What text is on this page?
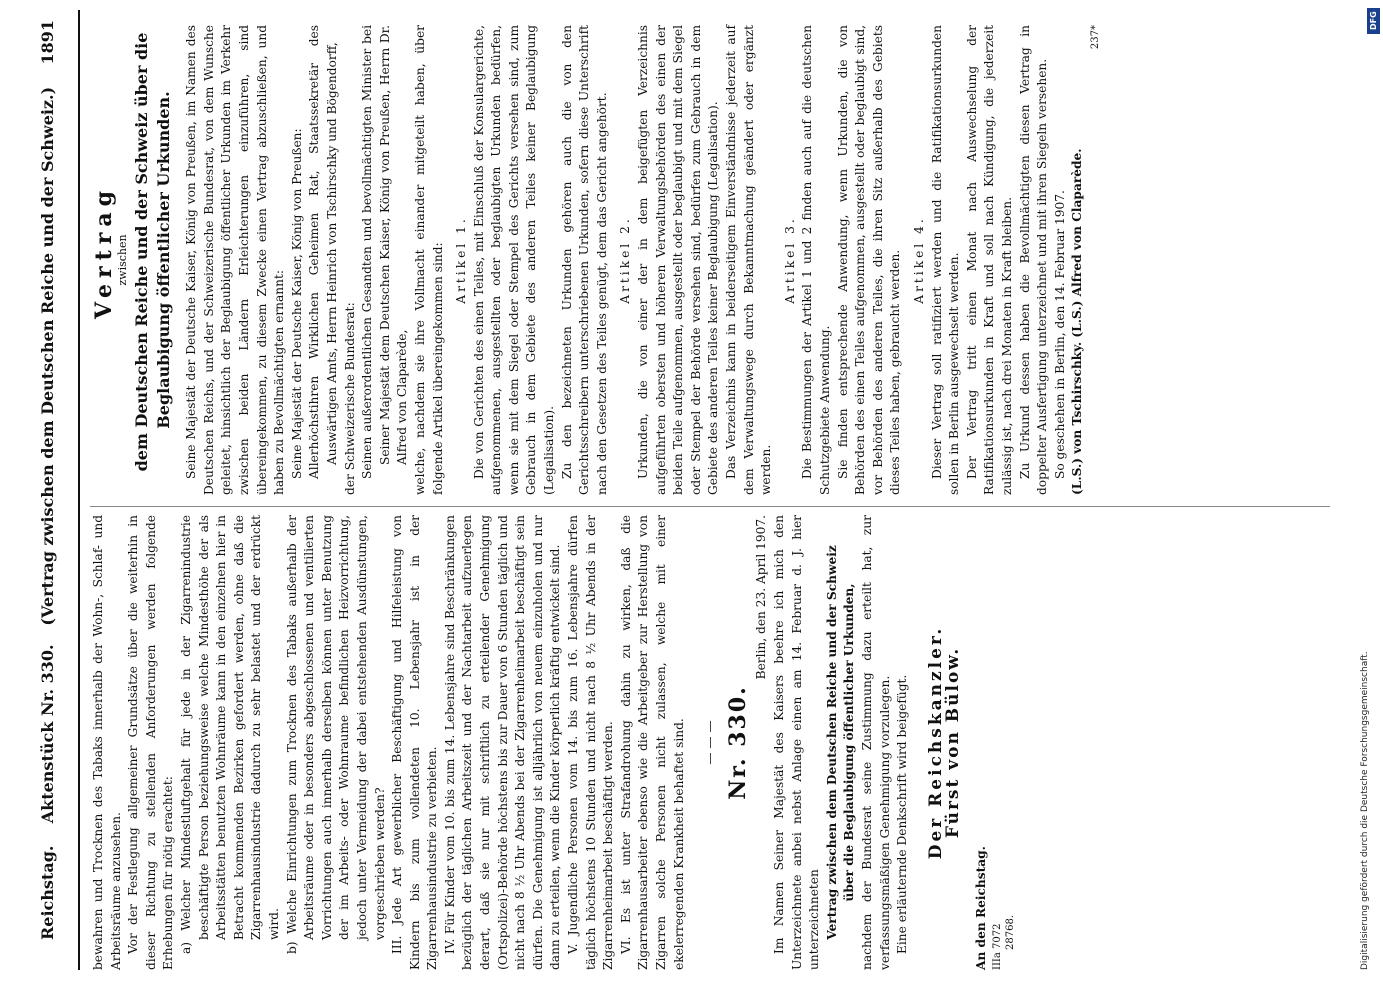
Reichstag.    Aktenstück Nr. 330.
(Vertrag zwischen dem Deutschen Reiche und der Schweiz.)    1891

bewahren und Trocknen des Tabaks innerhalb der Wohn-, Schlaf- und Arbeitsräume anzusehen. Vor der Festlegung allgemeiner Grundsätze über die weiterhin in dieser Richtung zu stellenden Anforderungen werden folgende Erhebungen für nötig erachtet: a) Welcher Mindestluftgehalt für jede in der Zigarrenindustrie beschäftigte Person beziehungsweise welche Mindesthöhe der als Arbeitsstätten benutzten Wohnräume kann in den einzelnen hier in Betracht kommenden Bezirken gefordert werden, ohne daß die Zigarrenhausindustrie dadurch zu sehr belastet und der erdrückt wird. b) Welche Einrichtungen zum Trocknen des Tabaks außerhalb der Arbeitsräume oder in besonders abgeschlossenen und ventilierten Vorrichtungen auch innerhalb derselben können unter Benutzung der im Arbeits- oder Wohnraume befindlichen Heizvorrichtung, jedoch unter Vermeidung der dabei entstehenden Ausdünstungen, vorgeschrieben werden? III. Jede Art gewerblicher Beschäftigung und Hilfeleistung von Kindern bis zum vollendeten 10. Lebensjahr ist in der Zigarrenhausindustrie zu verbieten. IV. Für Kinder vom 10. bis zum 14. Lebensjahre sind Beschränkungen bezüglich der täglichen Arbeitszeit und der Nachtarbeit aufzuerlegen derart, daß sie nur mit schriftlich zu erteilender Genehmigung (Ortspolizei)-Behörde höchstens bis zur Dauer von 6 Stunden täglich und nicht nach 8 ½ Uhr Abends bei der Zigarrenheimarbeit beschäftigt sein dürfen. Die Genehmigung ist alljährlich von neuem einzuholen und nur dann zu erteilen, wenn die Kinder körperlich kräftig entwickelt sind. V. Jugendliche Personen vom 14. bis zum 16. Lebensjahre dürfen täglich höchstens 10 Stunden und nicht nach 8 ½ Uhr Abends in der Zigarrenheimarbeit beschäftigt werden. VI. Es ist unter Strafandrohung dahin zu wirken, daß die Zigarrenhausarbeiter ebenso wie die Arbeitgeber zur Herstellung von Zigarren solche Personen nicht zulassen, welche mit einer ekelerregenden Krankheit behaftet sind. — — — Nr. 330.

Berlin, den 23. April 1907. Im Namen Seiner Majestät des Kaisers beehre ich mich den Unterzeichnete anbei nebst Anlage einen am 14. Februar d. J. hier unterzeichneten Vertrag zwischen dem Deutschen Reiche und der Schweiz über die Beglaubigung öffentlicher Urkunden, nachdem der Bundesrat seine Zustimmung dazu erteilt hat, zur verfassungsmäßigen Genehmigung vorzulegen. Eine erläuternde Denkschrift wird beigefügt. Der Reichskanzler.

Fürst von Bülow.

An den Reichstag. IIIa 7072 28768.

Vertrag

zwischen dem Deutschen Reiche und der Schweiz über die Beglaubigung öffentlicher Urkunden. Seine Majestät der Deutsche Kaiser, König von Preußen, im Namen des Deutschen Reichs, und der Schweizerische Bundesrat, von dem Wunsche geleitet, hinsichtlich der Beglaubigung öffentlicher Urkunden im Verkehr zwischen beiden Ländern Erleichterungen einzuführen, sind übereingekommen, zu diesem Zwecke einen Vertrag abzuschließen, und haben zu Bevollmächtigten ernannt: Seine Majestät der Deutsche Kaiser, König von Preußen: Allerhöchstihren Wirklichen Geheimen Rat, Staatssekretär des Auswärtigen Amts, Herrn Heinrich von Tschirschky und Bögendorff, der Schweizerische Bundesrat: Seinen außerordentlichen Gesandten und bevollmächtigten Minister bei Seiner Majestät dem Deutschen Kaiser, König von Preußen, Herrn Dr. Alfred von Claparède, welche, nachdem sie ihre Vollmacht einander mitgeteilt haben, über folgende Artikel übereingekommen sind: Artikel 1. Die von Gerichten des einen Teiles, mit Einschluß der Konsulargerichte, aufgenommenen, ausgestellten oder beglaubigten Urkunden bedürfen, wenn sie mit dem Siegel oder Stempel des Gerichts versehen sind, zum Gebrauch in dem Gebiete des anderen Teiles keiner Beglaubigung (Legalisation). Zu den bezeichneten Urkunden gehören auch die von den Gerichtsschreibern unterschriebenen Urkunden, sofern diese Unterschrift nach den Gesetzen des Teiles genügt, dem das Gericht angehört. Artikel 2. Urkunden, die von einer der in dem beigefügten Verzeichnis aufgeführten obersten und höheren Verwaltungsbehörden des einen der beiden Teile aufgenommen, ausgestellt oder beglaubigt und mit dem Siegel oder Stempel der Behörde versehen sind, bedürfen zum Gebrauch in dem Gebiete des anderen Teiles keiner Beglaubigung (Legalisation). Das Verzeichnis kann in beiderseitigem Einverständnisse jederzeit auf dem Verwaltungswege durch Bekanntmachung geändert oder ergänzt werden.

Artikel 3. Die Bestimmungen der Artikel 1 und 2 finden auch auf die deutschen Schutzgebiete Anwendung. Sie finden entsprechende Anwendung, wenn Urkunden, die von Behörden des einen Teiles aufgenommen, ausgestellt oder beglaubigt sind, vor Behörden des anderen Teiles, die ihren Sitz außerhalb des Gebiets dieses Teiles haben, gebraucht werden. Artikel 4. Dieser Vertrag soll ratifiziert werden und die Ratifikationsurkunden sollen in Berlin ausgewechselt werden. Der Vertrag tritt einen Monat nach Auswechselung der Ratifikationsurkunden in Kraft und soll nach Kündigung, die jederzeit zulässig ist, nach drei Monaten in Kraft bleiben. Zu Urkund dessen haben die Bevollmächtigten diesen Vertrag in doppelter Ausfertigung unterzeichnet und mit ihren Siegeln versehen. So geschehen in Berlin, den 14. Februar 1907. (L.S.) von Tschirschky. (L.S.) Alfred von Claparède.

237*

DFG
Digitalisierung gefördert durch die Deutsche Forschungsgemeinschaft.
